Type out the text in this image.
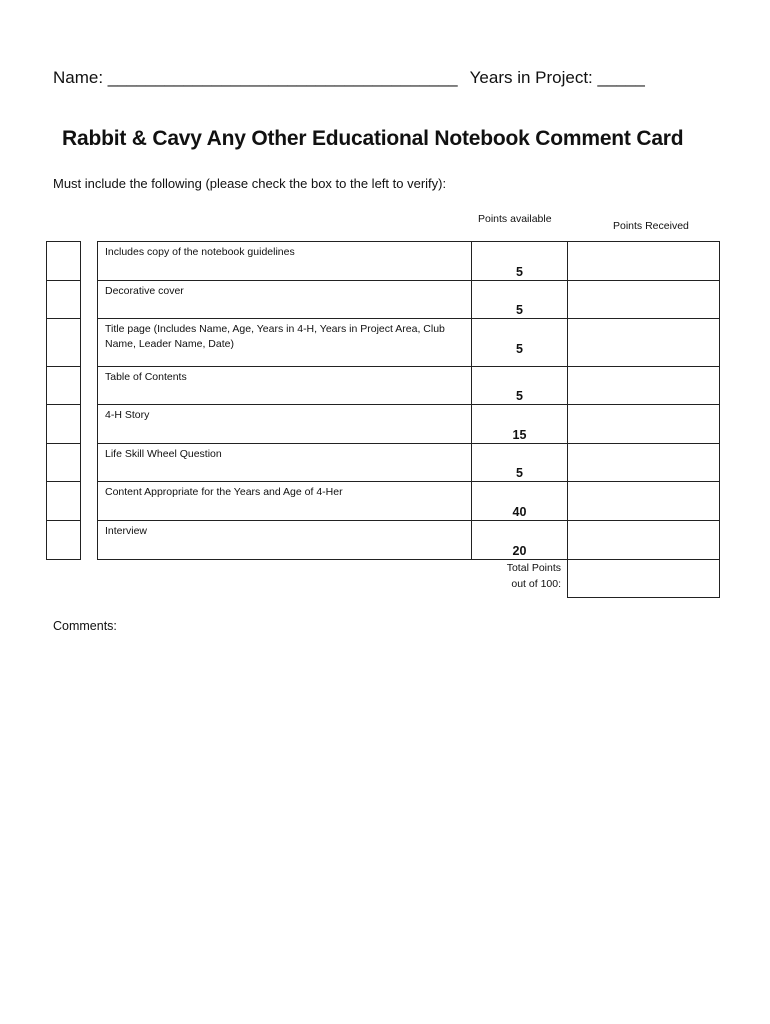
Name: _____________________________________ Years in Project: _____
Rabbit & Cavy Any Other Educational Notebook Comment Card
Must include the following (please check the box to the left to verify):
Points available
Points Received
Includes copy of the notebook guidelines
5
Decorative cover
5
Title page (Includes Name, Age, Years in 4-H, Years in Project Area, Club Name, Leader Name, Date)	5
Table of Contents
5
4-H Story
15
Life Skill Wheel Question
5
Content Appropriate for the Years and Age of 4-Her
40
Interview
20
Total Points
out of 100:
Comments:
